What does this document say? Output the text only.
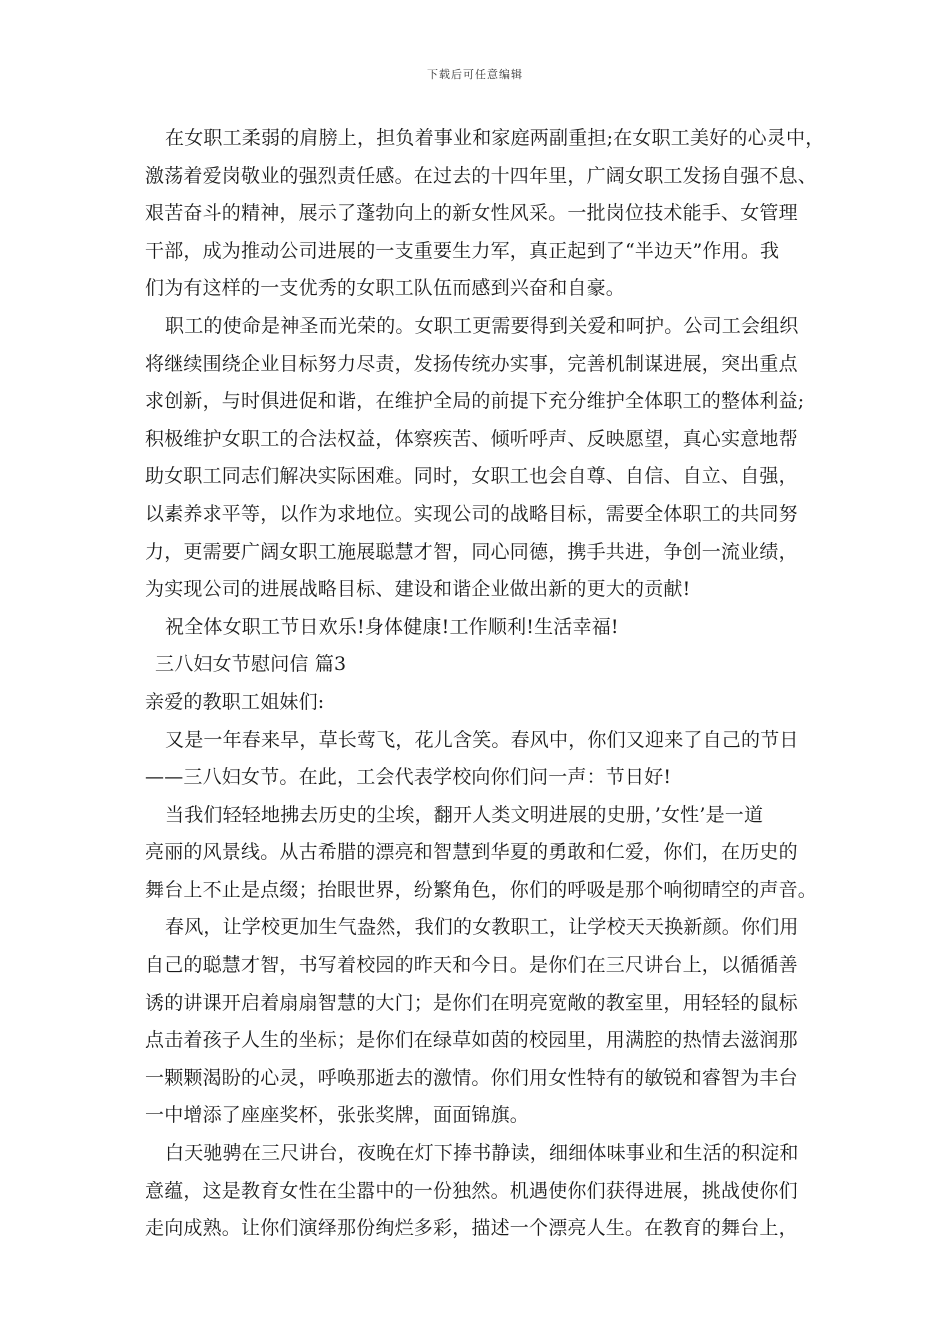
下载后可任意编辑
在女职工柔弱的肩膀上，担负着事业和家庭两副重担;在女职工美好的心灵中，
激荡着爱岗敬业的强烈责任感。在过去的十四年里，广阔女职工发扬自强不息、
艰苦奋斗的精神，展示了蓬勃向上的新女性风采。一批岗位技术能手、女管理
干部，成为推动公司进展的一支重要生力军，真正起到了“半边天”作用。我
们为有这样的一支优秀的女职工队伍而感到兴奋和自豪。
职工的使命是神圣而光荣的。女职工更需要得到关爱和呵护。公司工会组织
将继续围绕企业目标努力尽责，发扬传统办实事，完善机制谋进展，突出重点
求创新，与时俱进促和谐，在维护全局的前提下充分维护全体职工的整体利益;
积极维护女职工的合法权益，体察疾苦、倾听呼声、反映愿望，真心实意地帮
助女职工同志们解决实际困难。同时，女职工也会自尊、自信、自立、自强，
以素养求平等，以作为求地位。实现公司的战略目标，需要全体职工的共同努
力，更需要广阔女职工施展聪慧才智，同心同德，携手共进，争创一流业绩，
为实现公司的进展战略目标、建设和谐企业做出新的更大的贡献!
祝全体女职工节日欢乐!身体健康!工作顺利!生活幸福!
三八妇女节慰问信 篇3
亲爱的教职工姐妹们:
又是一年春来早，草长莺飞，花儿含笑。春风中，你们又迎来了自己的节日
——三八妇女节。在此，工会代表学校向你们问一声：节日好!
当我们轻轻地拂去历史的尘埃，翻开人类文明进展的史册，’女性’是一道
亮丽的风景线。从古希腊的漂亮和智慧到华夏的勇敢和仁爱，你们，在历史的
舞台上不止是点缀；抬眼世界，纷繁角色，你们的呼吸是那个响彻晴空的声音。
春风，让学校更加生气盎然，我们的女教职工，让学校天天换新颜。你们用
自己的聪慧才智，书写着校园的昨天和今日。是你们在三尺讲台上，以循循善
诱的讲课开启着扇扇智慧的大门；是你们在明亮宽敞的教室里，用轻轻的鼠标
点击着孩子人生的坐标；是你们在绿草如茵的校园里，用满腔的热情去滋润那
一颗颗渴盼的心灵，呼唤那逝去的激情。你们用女性特有的敏锐和睿智为丰台
一中增添了座座奖杯，张张奖牌，面面锦旗。
白天驰骋在三尺讲台，夜晚在灯下捧书静读，细细体味事业和生活的积淀和
意蕴，这是教育女性在尘嚣中的一份独然。机遇使你们获得进展，挑战使你们
走向成熟。让你们演绎那份绚烂多彩，描述一个漂亮人生。在教育的舞台上，
